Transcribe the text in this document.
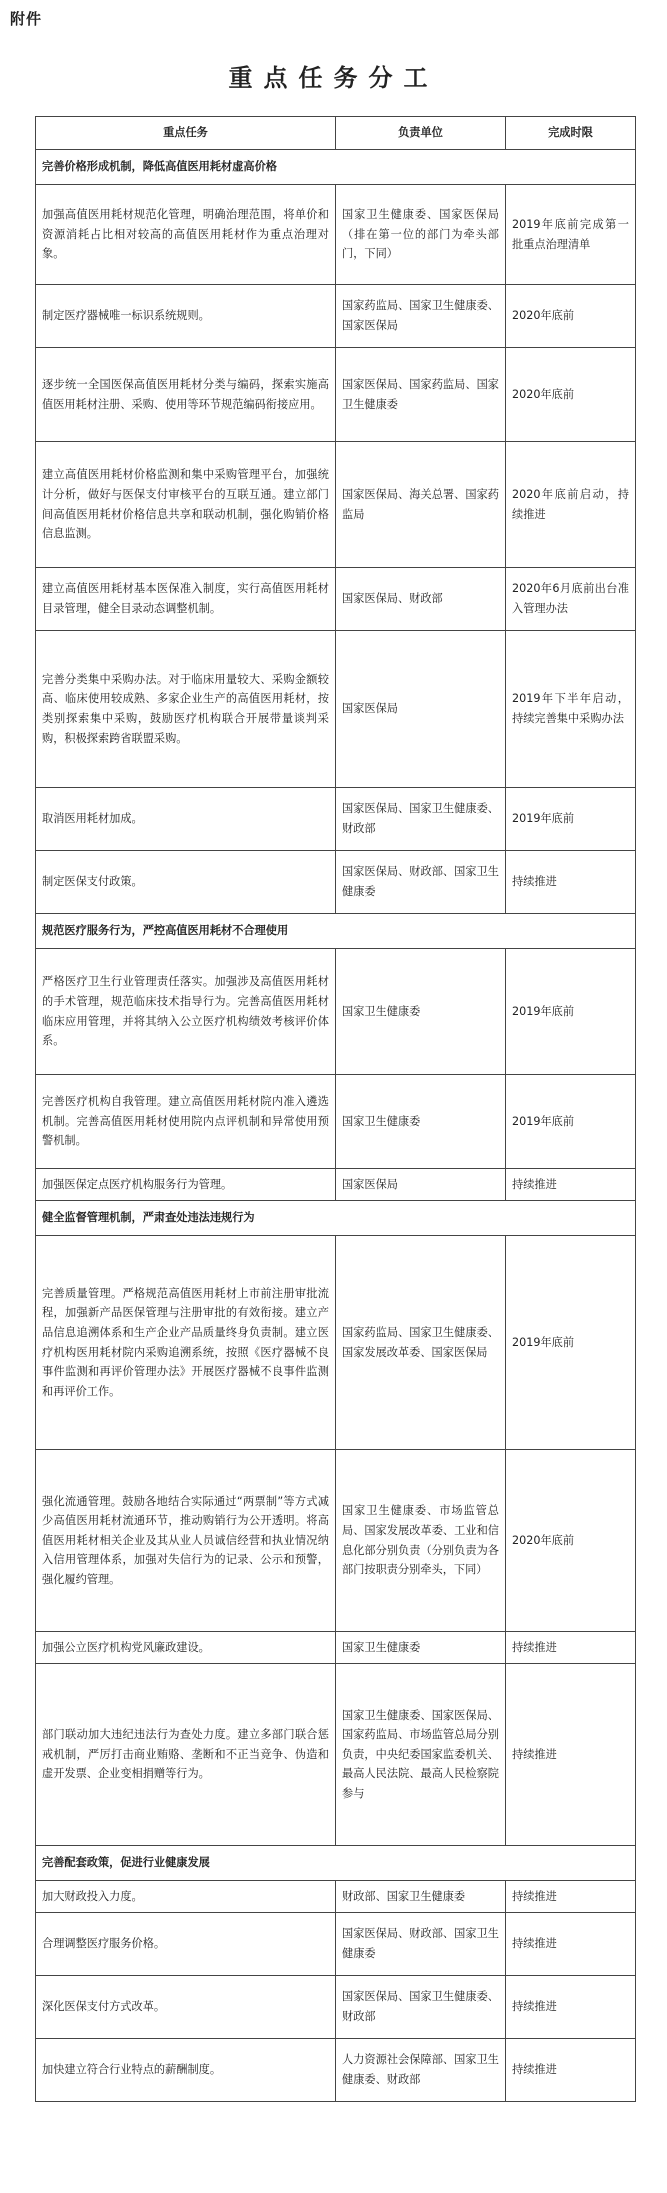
附件
重点任务分工
重点任务	负责单位	完成时限
完善价格形成机制，降低高值医用耗材虚高价格		
加强高值医用耗材规范化管理，明确治理范围，将单价和资源消耗占比相对较高的高值医用耗材作为重点治理对象。	国家卫生健康委、国家医保局（排在第一位的部门为牵头部门，下同）	2019年底前完成第一批重点治理清单
制定医疗器械唯一标识系统规则。	国家药监局、国家卫生健康委、国家医保局	2020年底前
逐步统一全国医保高值医用耗材分类与编码，探索实施高值医用耗材注册、采购、使用等环节规范编码衔接应用。	国家医保局、国家药监局、国家卫生健康委	2020年底前
建立高值医用耗材价格监测和集中采购管理平台，加强统计分析，做好与医保支付审核平台的互联互通。建立部门间高值医用耗材价格信息共享和联动机制，强化购销价格信息监测。	国家医保局、海关总署、国家药监局	2020年底前启动，持续推进
建立高值医用耗材基本医保准入制度，实行高值医用耗材目录管理，健全目录动态调整机制。	国家医保局、财政部	2020年6月底前出台准入管理办法
完善分类集中采购办法。对于临床用量较大、采购金额较高、临床使用较成熟、多家企业生产的高值医用耗材，按类别探索集中采购，鼓励医疗机构联合开展带量谈判采购，积极探索跨省联盟采购。	国家医保局	2019年下半年启动，持续完善集中采购办法
取消医用耗材加成。	国家医保局、国家卫生健康委、财政部	2019年底前
制定医保支付政策。	国家医保局、财政部、国家卫生健康委	持续推进
规范医疗服务行为，严控高值医用耗材不合理使用		
严格医疗卫生行业管理责任落实。加强涉及高值医用耗材的手术管理，规范临床技术指导行为。完善高值医用耗材临床应用管理，并将其纳入公立医疗机构绩效考核评价体系。	国家卫生健康委	2019年底前
完善医疗机构自我管理。建立高值医用耗材院内准入遴选机制。完善高值医用耗材使用院内点评机制和异常使用预警机制。	国家卫生健康委	2019年底前
加强医保定点医疗机构服务行为管理。	国家医保局	持续推进
健全监督管理机制，严肃查处违法违规行为		
完善质量管理。严格规范高值医用耗材上市前注册审批流程，加强新产品医保管理与注册审批的有效衔接。建立产品信息追溯体系和生产企业产品质量终身负责制。建立医疗机构医用耗材院内采购追溯系统，按照《医疗器械不良事件监测和再评价管理办法》开展医疗器械不良事件监测和再评价工作。	国家药监局、国家卫生健康委、国家发展改革委、国家医保局	2019年底前
强化流通管理。鼓励各地结合实际通过“两票制”等方式减少高值医用耗材流通环节，推动购销行为公开透明。将高值医用耗材相关企业及其从业人员诚信经营和执业情况纳入信用管理体系，加强对失信行为的记录、公示和预警，强化履约管理。	国家卫生健康委、市场监管总局、国家发展改革委、工业和信息化部分别负责（分别负责为各部门按职责分别牵头，下同）	2020年底前
加强公立医疗机构党风廉政建设。	国家卫生健康委	持续推进
部门联动加大违纪违法行为查处力度。建立多部门联合惩戒机制，严厉打击商业贿赂、垄断和不正当竞争、伪造和虚开发票、企业变相捐赠等行为。	国家卫生健康委、国家医保局、国家药监局、市场监管总局分别负责，中央纪委国家监委机关、最高人民法院、最高人民检察院参与	持续推进
完善配套政策，促进行业健康发展		
加大财政投入力度。	财政部、国家卫生健康委	持续推进
合理调整医疗服务价格。	国家医保局、财政部、国家卫生健康委	持续推进
深化医保支付方式改革。	国家医保局、国家卫生健康委、财政部	持续推进
加快建立符合行业特点的薪酬制度。	人力资源社会保障部、国家卫生健康委、财政部	持续推进
